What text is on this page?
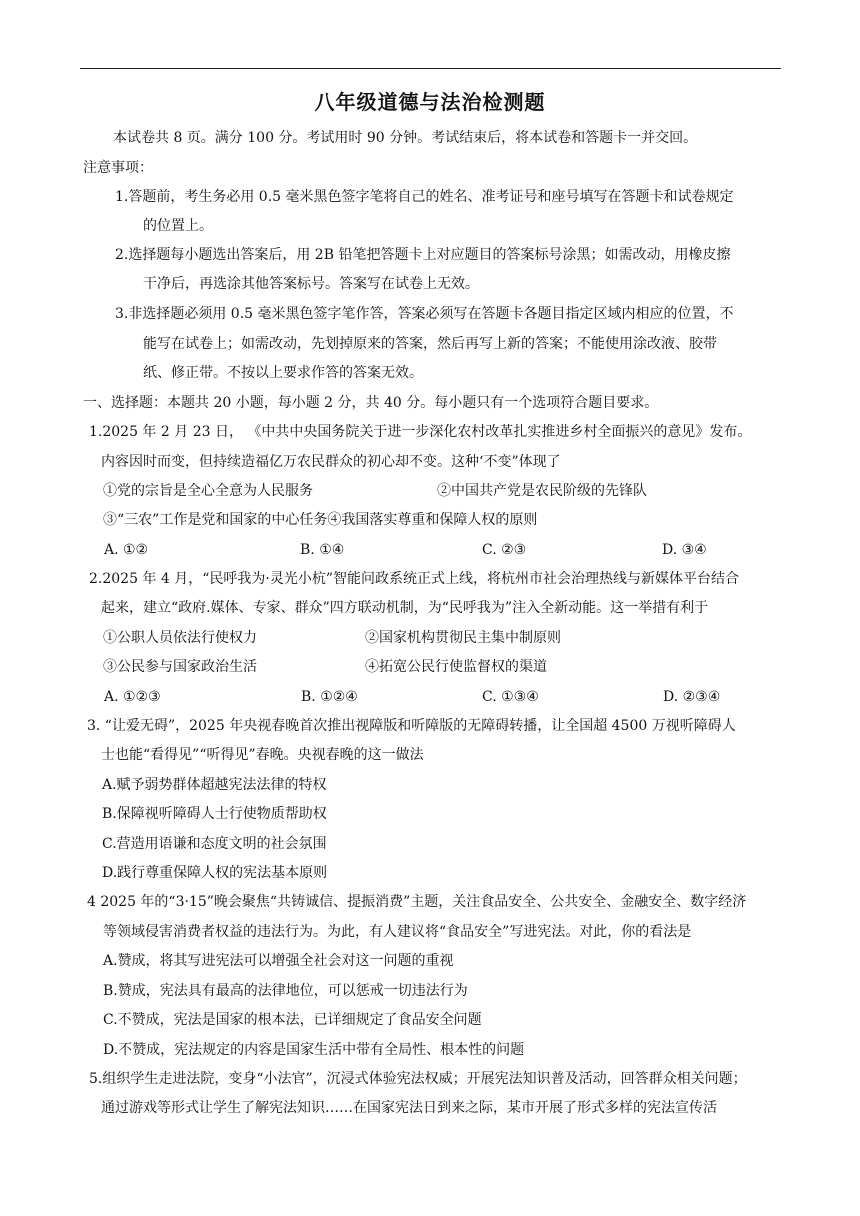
八年级道德与法治检测题
本试卷共 8 页。满分 100 分。考试用时 90 分钟。考试结束后，将本试卷和答题卡一并交回。
注意事项：
1.答题前，考生务必用 0.5 毫米黑色签字笔将自己的姓名、准考证号和座号填写在答题卡和试卷规定
的位置上。
2.选择题每小题选出答案后，用 2B 铅笔把答题卡上对应题目的答案标号涂黑；如需改动，用橡皮擦
干净后，再选涂其他答案标号。答案写在试卷上无效。
3.非选择题必须用 0.5 毫米黑色签字笔作答，答案必须写在答题卡各题目指定区域内相应的位置，不
能写在试卷上；如需改动，先划掉原来的答案，然后再写上新的答案；不能使用涂改液、胶带
纸、修正带。不按以上要求作答的答案无效。
一、选择题：本题共 20 小题，每小题 2 分，共 40 分。每小题只有一个选项符合题目要求。
1.2025 年 2 月 23 日， 《中共中央国务院关于进一步深化农村改革扎实推进乡村全面振兴的意见》发布。
内容因时而变，但持续造福亿万农民群众的初心却不变。这种‘不变”体现了
①党的宗旨是全心全意为人民服务	②中国共产党是农民阶级的先锋队
③“三农”工作是党和国家的中心任务④我国落实尊重和保障人权的原则
A. ①②	B. ①④	C. ②③	D. ③④
2.2025 年 4 月，“民呼我为·灵光小杭”智能问政系统正式上线，将杭州市社会治理热线与新媒体平台结合
起来，建立“政府.媒体、专家、群众”四方联动机制，为“民呼我为”注入全新动能。这一举措有利于
①公职人员依法行使权力	②国家机构贯彻民主集中制原则
③公民参与国家政治生活	④拓宽公民行使监督权的渠道
A. ①②③	B. ①②④	C. ①③④	D. ②③④
3. “让爱无碍”，2025 年央视春晚首次推出视障版和听障版的无障碍转播，让全国超 4500 万视听障碍人
士也能“看得见”“听得见”春晚。央视春晚的这一做法
A.赋予弱势群体超越宪法法律的特权
B.保障视听障碍人士行使物质帮助权
C.营造用语谦和态度文明的社会氛围
D.践行尊重保障人权的宪法基本原则
4 2025 年的“3·15”晚会聚焦“共铸诚信、提振消费”主题，关注食品安全、公共安全、金融安全、数字经济
等领域侵害消费者权益的违法行为。为此，有人建议将“食品安全”写进宪法。对此，你的看法是
A.赞成，将其写进宪法可以增强全社会对这一问题的重视
B.赞成，宪法具有最高的法律地位，可以惩戒一切违法行为
C.不赞成，宪法是国家的根本法，已详细规定了食品安全问题
D.不赞成，宪法规定的内容是国家生活中带有全局性、根本性的问题
5.组织学生走进法院，变身“小法官”，沉浸式体验宪法权威；开展宪法知识普及活动，回答群众相关问题；
通过游戏等形式让学生了解宪法知识……在国家宪法日到来之际，某市开展了形式多样的宪法宣传活
